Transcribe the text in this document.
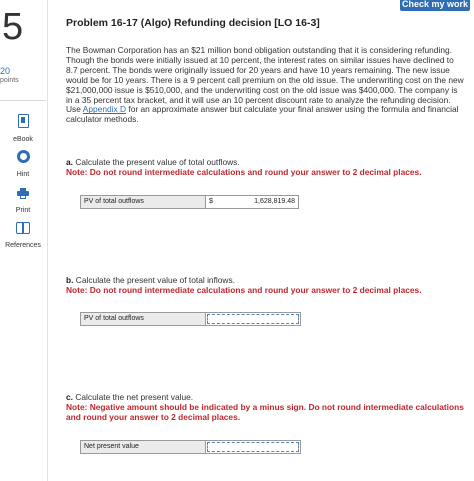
Check my work
5
20
points
eBook
Hint
Print
References
Problem 16-17 (Algo) Refunding decision [LO 16-3]
The Bowman Corporation has an $21 million bond obligation outstanding that it is considering refunding. Though the bonds were initially issued at 10 percent, the interest rates on similar issues have declined to 8.7 percent. The bonds were originally issued for 20 years and have 10 years remaining. The new issue would be for 10 years. There is a 9 percent call premium on the old issue. The underwriting cost on the new $21,000,000 issue is $510,000, and the underwriting cost on the old issue was $400,000. The company is in a 35 percent tax bracket, and it will use an 10 percent discount rate to analyze the refunding decision. Use Appendix D for an approximate answer but calculate your final answer using the formula and financial calculator methods.
a. Calculate the present value of total outflows.
Note: Do not round intermediate calculations and round your answer to 2 decimal places.
PV of total outflows	$	1,628,819.48
b. Calculate the present value of total inflows.
Note: Do not round intermediate calculations and round your answer to 2 decimal places.
PV of total outflows
c. Calculate the net present value.
Note: Negative amount should be indicated by a minus sign. Do not round intermediate calculations and round your answer to 2 decimal places.
Net present value
